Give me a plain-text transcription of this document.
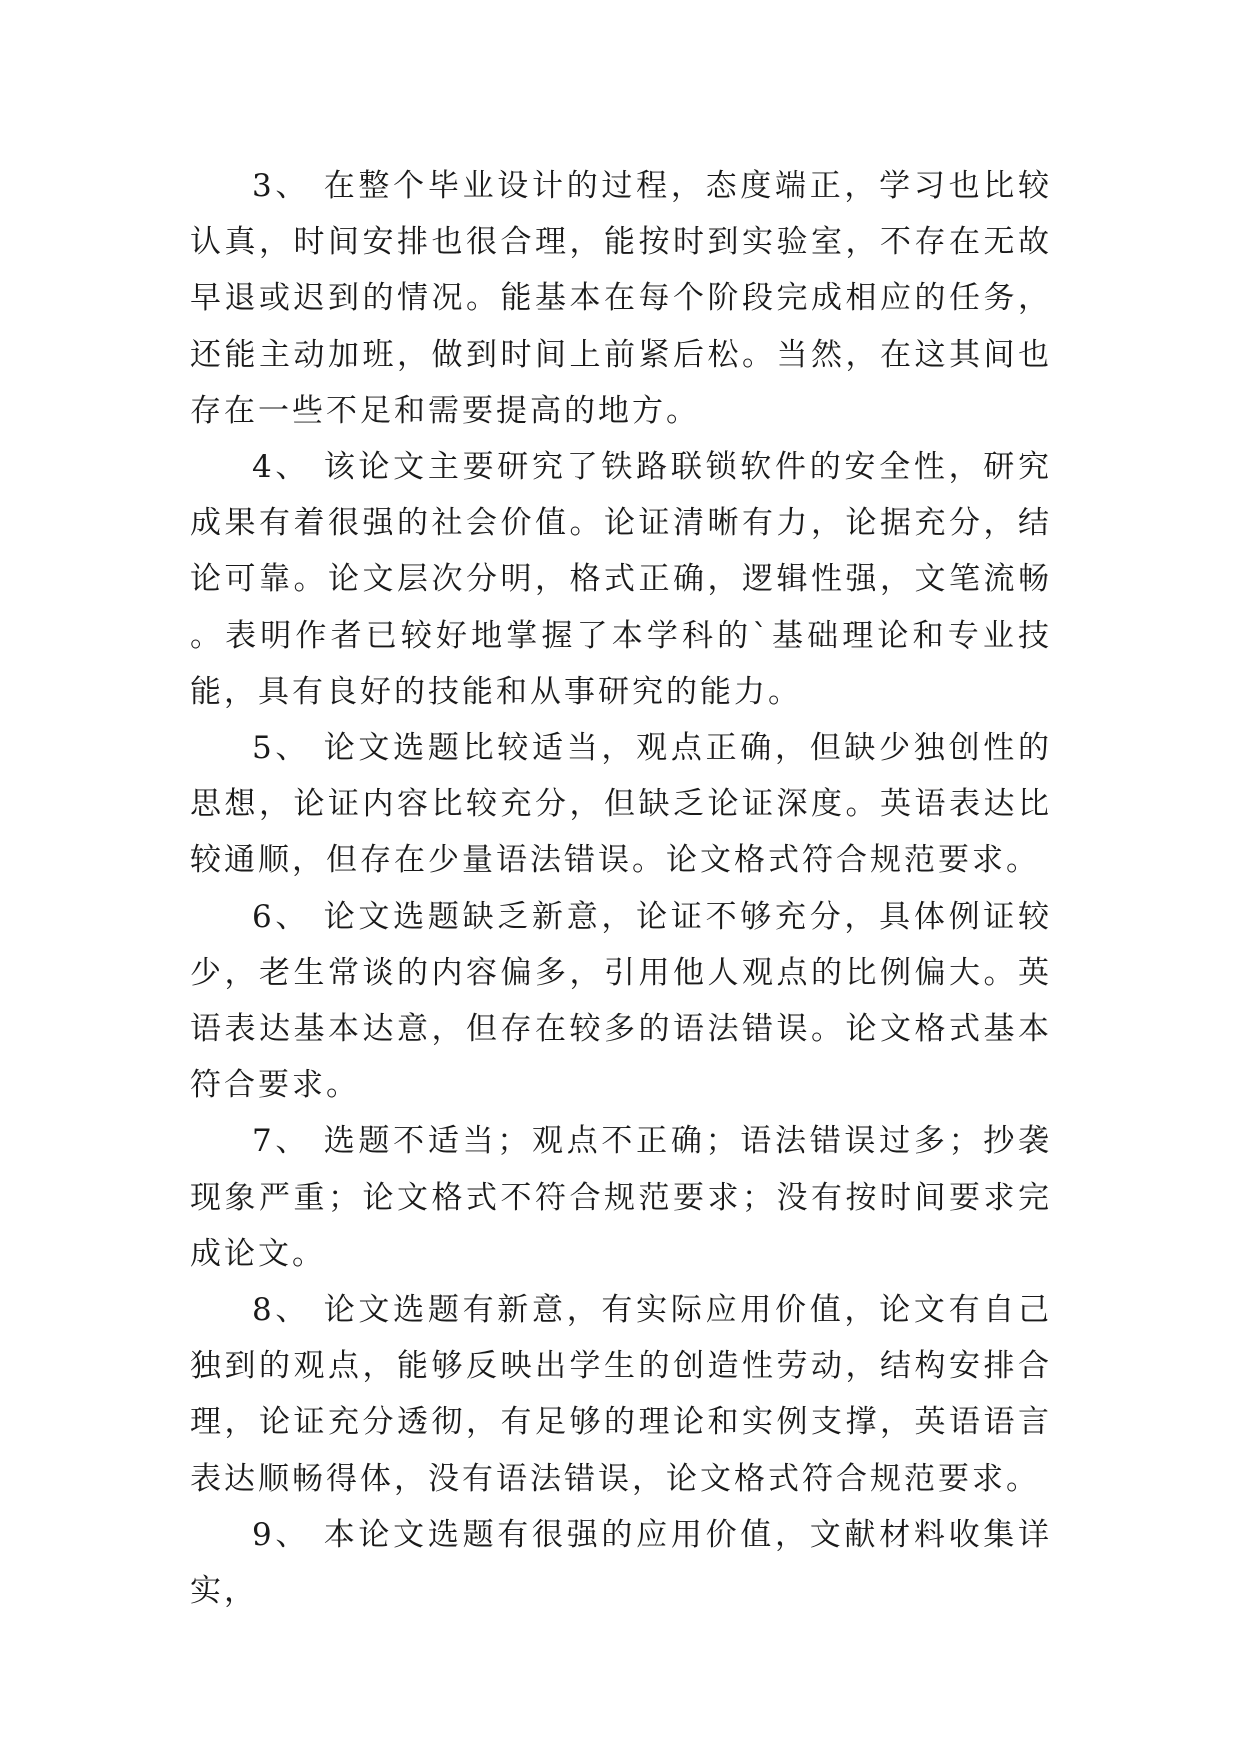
3、 在整个毕业设计的过程，态度端正，学习也比较认真，时间安排也很合理，能按时到实验室，不存在无故早退或迟到的情况。能基本在每个阶段完成相应的任务，还能主动加班，做到时间上前紧后松。当然，在这其间也存在一些不足和需要提高的地方。

4、 该论文主要研究了铁路联锁软件的安全性，研究成果有着很强的社会价值。论证清晰有力，论据充分，结论可靠。论文层次分明，格式正确，逻辑性强，文笔流畅。表明作者已较好地掌握了本学科的`基础理论和专业技能，具有良好的技能和从事研究的能力。

5、 论文选题比较适当，观点正确，但缺少独创性的思想，论证内容比较充分，但缺乏论证深度。英语表达比较通顺，但存在少量语法错误。论文格式符合规范要求。

6、 论文选题缺乏新意，论证不够充分，具体例证较少，老生常谈的内容偏多，引用他人观点的比例偏大。英语表达基本达意，但存在较多的语法错误。论文格式基本符合要求。

7、 选题不适当；观点不正确；语法错误过多；抄袭现象严重；论文格式不符合规范要求；没有按时间要求完成论文。

8、 论文选题有新意，有实际应用价值，论文有自己独到的观点，能够反映出学生的创造性劳动，结构安排合理，论证充分透彻，有足够的理论和实例支撑，英语语言表达顺畅得体，没有语法错误，论文格式符合规范要求。

9、 本论文选题有很强的应用价值，文献材料收集详实，
